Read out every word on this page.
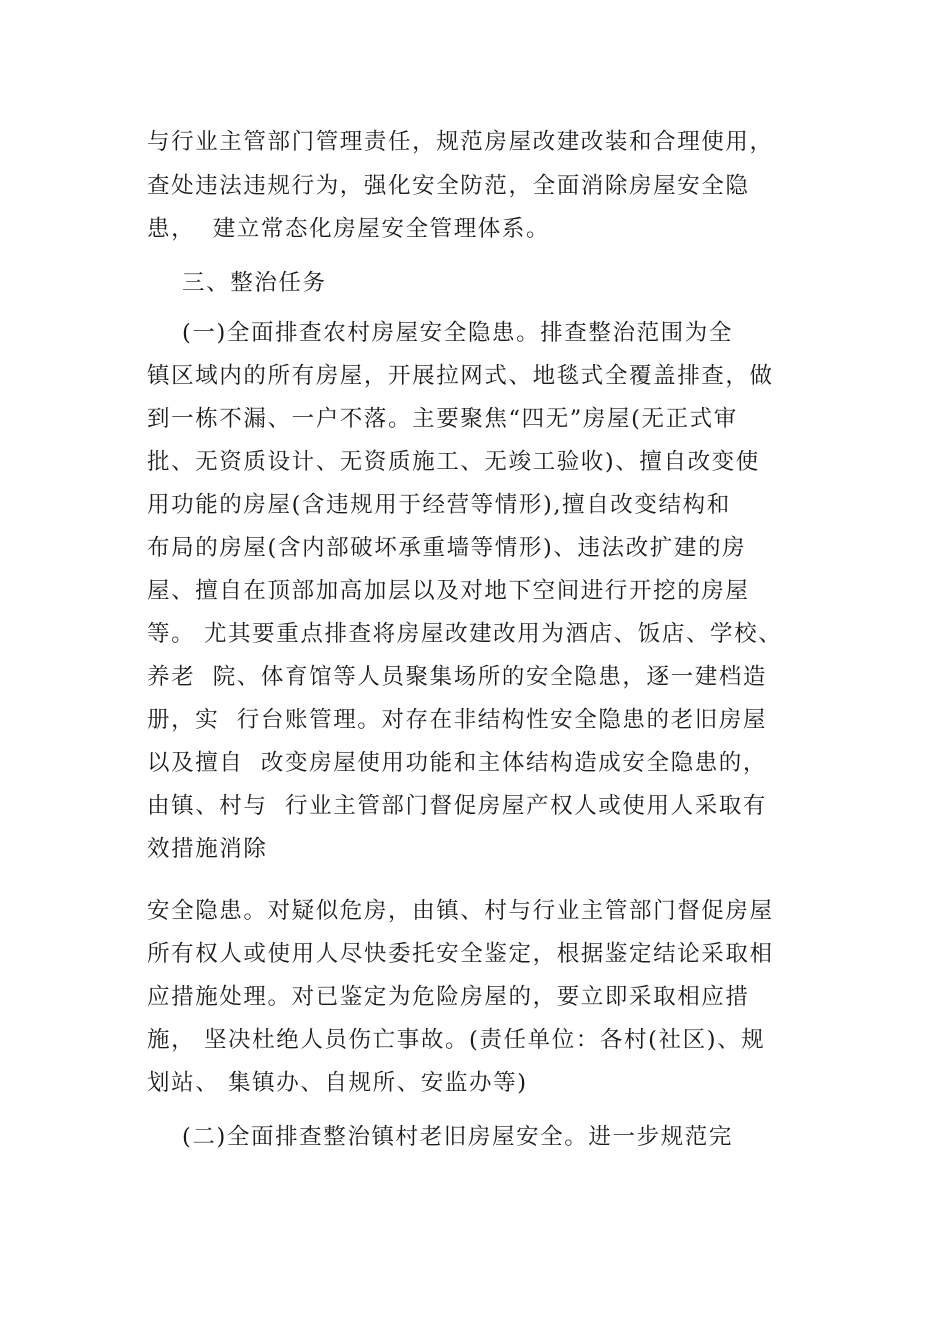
与行业主管部门管理责任，规范房屋改建改装和合理使用，
查处违法违规行为，强化安全防范，全面消除房屋安全隐
患，  建立常态化房屋安全管理体系。
三、整治任务
(一)全面排查农村房屋安全隐患。排查整治范围为全
镇区域内的所有房屋，开展拉网式、地毯式全覆盖排查，做
到一栋不漏、一户不落。主要聚焦“四无”房屋(无正式审
批、无资质设计、无资质施工、无竣工验收)、擅自改变使
用功能的房屋(含违规用于经营等情形),擅自改变结构和
布局的房屋(含内部破坏承重墙等情形)、违法改扩建的房
屋、擅自在顶部加高加层以及对地下空间进行开挖的房屋
等。 尤其要重点排查将房屋改建改用为酒店、饭店、学校、
养老  院、体育馆等人员聚集场所的安全隐患，逐一建档造
册，实  行台账管理。对存在非结构性安全隐患的老旧房屋
以及擅自  改变房屋使用功能和主体结构造成安全隐患的，
由镇、村与  行业主管部门督促房屋产权人或使用人采取有
效措施消除
安全隐患。对疑似危房，由镇、村与行业主管部门督促房屋
所有权人或使用人尽快委托安全鉴定，根据鉴定结论采取相
应措施处理。对已鉴定为危险房屋的，要立即采取相应措
施， 坚决杜绝人员伤亡事故。(责任单位：各村(社区)、规
划站、 集镇办、自规所、安监办等)
(二)全面排查整治镇村老旧房屋安全。进一步规范完
